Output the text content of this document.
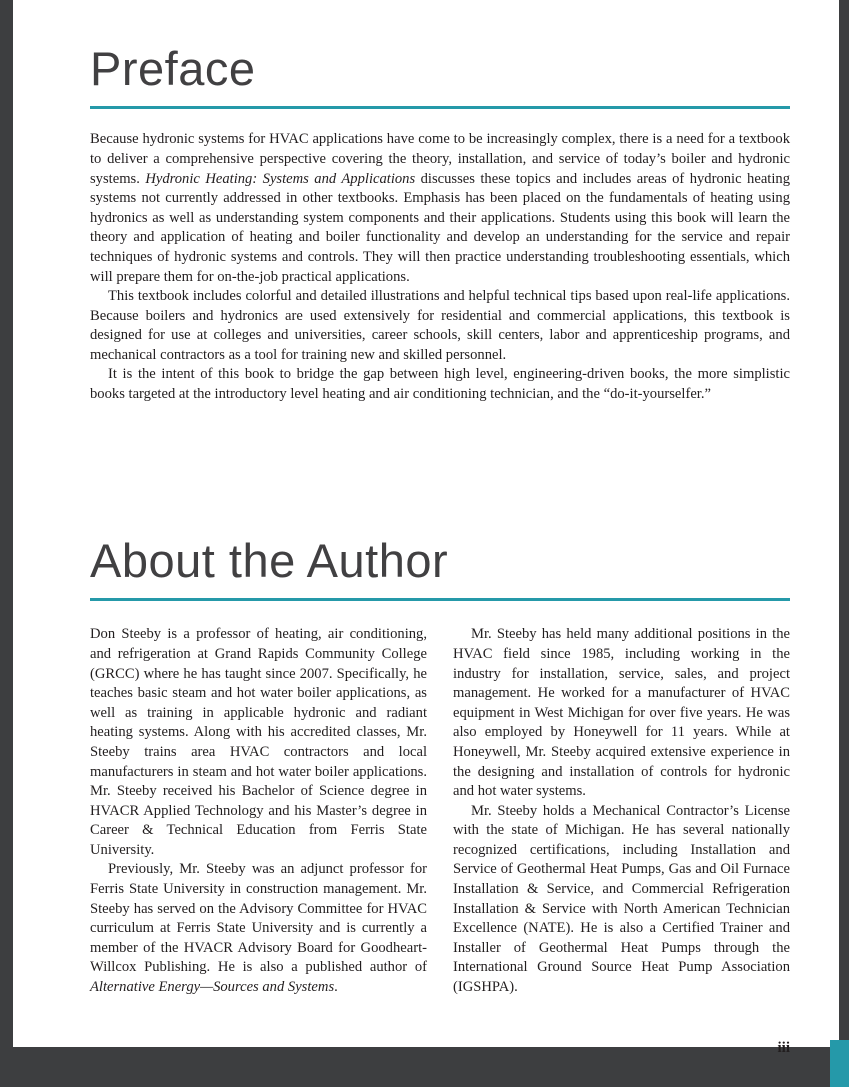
Preface

Because hydronic systems for HVAC applications have come to be increasingly complex, there is a need for a textbook to deliver a comprehensive perspective covering the theory, installation, and service of today’s boiler and hydronic systems. Hydronic Heating: Systems and Applications discusses these topics and includes areas of hydronic heating systems not currently addressed in other textbooks. Emphasis has been placed on the fundamentals of heating using hydronics as well as understanding system components and their applications. Students using this book will learn the theory and application of heating and boiler functionality and develop an understanding for the service and repair techniques of hydronic systems and controls. They will then practice understanding troubleshooting essentials, which will prepare them for on-the-job practical applications.

This textbook includes colorful and detailed illustrations and helpful technical tips based upon real-life applications. Because boilers and hydronics are used extensively for residential and commercial applications, this textbook is designed for use at colleges and universities, career schools, skill centers, labor and apprenticeship programs, and mechanical contractors as a tool for training new and skilled personnel.

It is the intent of this book to bridge the gap between high level, engineering-driven books, the more simplistic books targeted at the introductory level heating and air conditioning technician, and the “do-it-yourselfer.”

About the Author

Don Steeby is a professor of heating, air conditioning, and refrigeration at Grand Rapids Community College (GRCC) where he has taught since 2007. Specifically, he teaches basic steam and hot water boiler applications, as well as training in applicable hydronic and radiant heating systems. Along with his accredited classes, Mr. Steeby trains area HVAC contractors and local manufacturers in steam and hot water boiler applications. Mr. Steeby received his Bachelor of Science degree in HVACR Applied Technology and his Master’s degree in Career & Technical Education from Ferris State University.

Previously, Mr. Steeby was an adjunct professor for Ferris State University in construction management. Mr. Steeby has served on the Advisory Committee for HVAC curriculum at Ferris State University and is currently a member of the HVACR Advisory Board for Goodheart-Willcox Publishing. He is also a published author of Alternative Energy—Sources and Systems.

Mr. Steeby has held many additional positions in the HVAC field since 1985, including working in the industry for installation, service, sales, and project management. He worked for a manufacturer of HVAC equipment in West Michigan for over five years. He was also employed by Honeywell for 11 years. While at Honeywell, Mr. Steeby acquired extensive experience in the designing and installation of controls for hydronic and hot water systems.

Mr. Steeby holds a Mechanical Contractor’s License with the state of Michigan. He has several nationally recognized certifications, including Installation and Service of Geothermal Heat Pumps, Gas and Oil Furnace Installation & Service, and Commercial Refrigeration Installation & Service with North American Technician Excellence (NATE). He is also a Certified Trainer and Installer of Geothermal Heat Pumps through the International Ground Source Heat Pump Association (IGSHPA).

iii
